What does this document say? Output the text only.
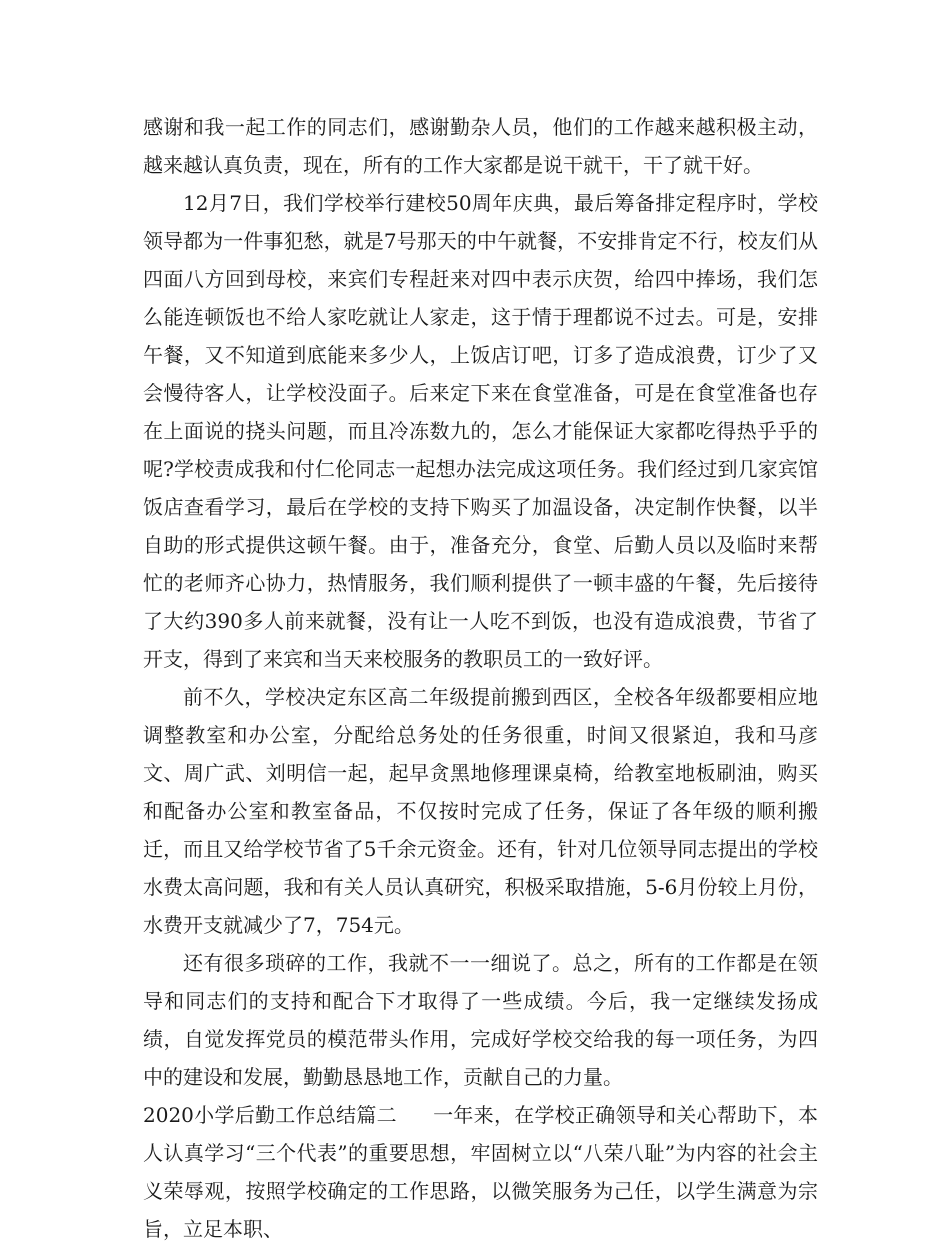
感谢和我一起工作的同志们，感谢勤杂人员，他们的工作越来越积极主动，越来越认真负责，现在，所有的工作大家都是说干就干，干了就干好。

12月7日，我们学校举行建校50周年庆典，最后筹备排定程序时，学校领导都为一件事犯愁，就是7号那天的中午就餐，不安排肯定不行，校友们从四面八方回到母校，来宾们专程赶来对四中表示庆贺，给四中捧场，我们怎么能连顿饭也不给人家吃就让人家走，这于情于理都说不过去。可是，安排午餐，又不知道到底能来多少人，上饭店订吧，订多了造成浪费，订少了又会慢待客人，让学校没面子。后来定下来在食堂准备，可是在食堂准备也存在上面说的挠头问题，而且冷冻数九的，怎么才能保证大家都吃得热乎乎的呢?学校责成我和付仁伦同志一起想办法完成这项任务。我们经过到几家宾馆饭店查看学习，最后在学校的支持下购买了加温设备，决定制作快餐，以半自助的形式提供这顿午餐。由于，准备充分，食堂、后勤人员以及临时来帮忙的老师齐心协力，热情服务，我们顺利提供了一顿丰盛的午餐，先后接待了大约390多人前来就餐，没有让一人吃不到饭，也没有造成浪费，节省了开支，得到了来宾和当天来校服务的教职员工的一致好评。

前不久，学校决定东区高二年级提前搬到西区，全校各年级都要相应地调整教室和办公室，分配给总务处的任务很重，时间又很紧迫，我和马彦文、周广武、刘明信一起，起早贪黑地修理课桌椅，给教室地板刷油，购买和配备办公室和教室备品，不仅按时完成了任务，保证了各年级的顺利搬迁，而且又给学校节省了5千余元资金。还有，针对几位领导同志提出的学校水费太高问题，我和有关人员认真研究，积极采取措施，5-6月份较上月份，水费开支就减少了7，754元。

还有很多琐碎的工作，我就不一一细说了。总之，所有的工作都是在领导和同志们的支持和配合下才取得了一些成绩。今后，我一定继续发扬成绩，自觉发挥党员的模范带头作用，完成好学校交给我的每一项任务，为四中的建设和发展，勤勤恳恳地工作，贡献自己的力量。

2020小学后勤工作总结篇二 一年来，在学校正确领导和关心帮助下，本人认真学习“三个代表”的重要思想，牢固树立以“八荣八耻”为内容的社会主义荣辱观，按照学校确定的工作思路，以微笑服务为己任，以学生满意为宗旨，立足本职、
